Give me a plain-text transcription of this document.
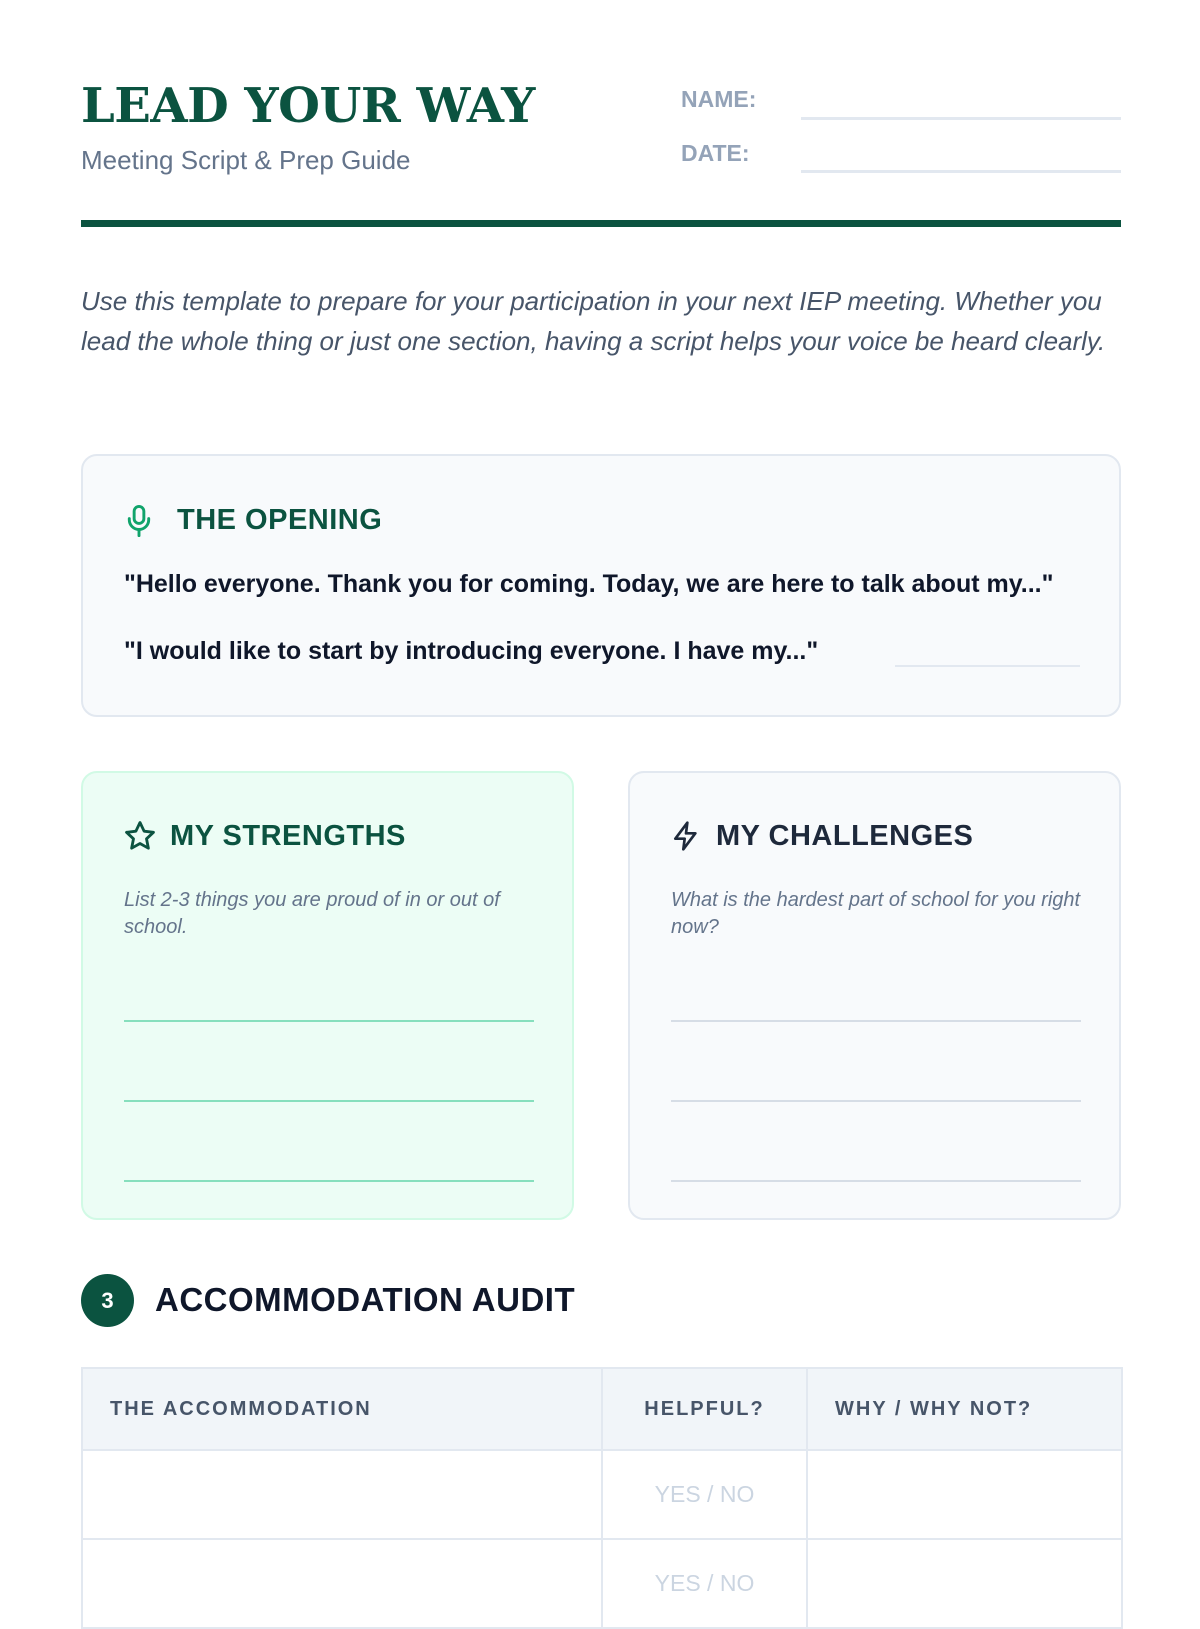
LEAD YOUR WAY
Meeting Script & Prep Guide
NAME:
DATE:
Use this template to prepare for your participation in your next IEP meeting. Whether you lead the whole thing or just one section, having a script helps your voice be heard clearly.
THE OPENING
"Hello everyone. Thank you for coming. Today, we are here to talk about my..."
"I would like to start by introducing everyone. I have my..."
MY STRENGTHS
List 2-3 things you are proud of in or out of school.
MY CHALLENGES
What is the hardest part of school for you right now?
3	ACCOMMODATION AUDIT
THE ACCOMMODATION	HELPFUL?	WHY / WHY NOT?
	YES / NO	
	YES / NO	
